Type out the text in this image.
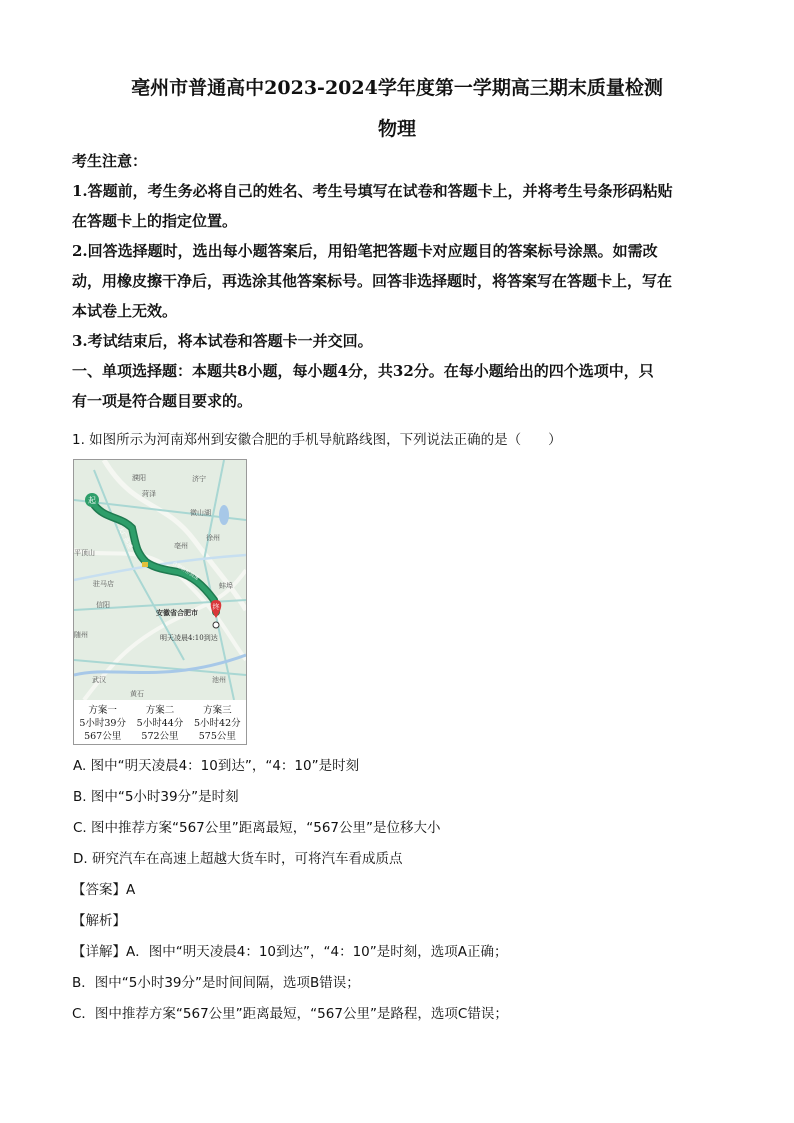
亳州市普通高中2023-2024学年度第一学期高三期末质量检测
物理
考生注意：
1.答题前，考生务必将自己的姓名、考生号填写在试卷和答题卡上，并将考生号条形码粘贴
在答题卡上的指定位置。
2.回答选择题时，选出每小题答案后，用铅笔把答题卡对应题目的答案标号涂黑。如需改
动，用橡皮擦干净后，再选涂其他答案标号。回答非选择题时，将答案写在答题卡上，写在
本试卷上无效。
3.考试结束后，将本试卷和答题卡一并交回。
一、单项选择题：本题共8小题，每小题4分，共32分。在每小题给出的四个选项中，只
有一项是符合题目要求的。
1. 如图所示为河南郑州到安徽合肥的手机导航路线图，下列说法正确的是（　　）
起
终
濮阳
菏泽
济宁
微山湖
徐州
平顶山
驻马店
信阳
随州
亳州
蚌埠
武汉
黄石
池州
安徽省合肥市
明天凌晨4:10到达
大广高速
合肥新桥高速
方案一
5小时39分
567公里
方案二
5小时44分
572公里
方案三
5小时42分
575公里
A. 图中“明天凌晨4：10到达”，“4：10”是时刻
B. 图中“5小时39分”是时刻
C. 图中推荐方案“567公里”距离最短，“567公里”是位移大小
D. 研究汽车在高速上超越大货车时，可将汽车看成质点
【答案】A
【解析】
【详解】A．图中“明天凌晨4：10到达”，“4：10”是时刻，选项A正确；
B．图中“5小时39分”是时间间隔，选项B错误；
C．图中推荐方案“567公里”距离最短，“567公里”是路程，选项C错误；
